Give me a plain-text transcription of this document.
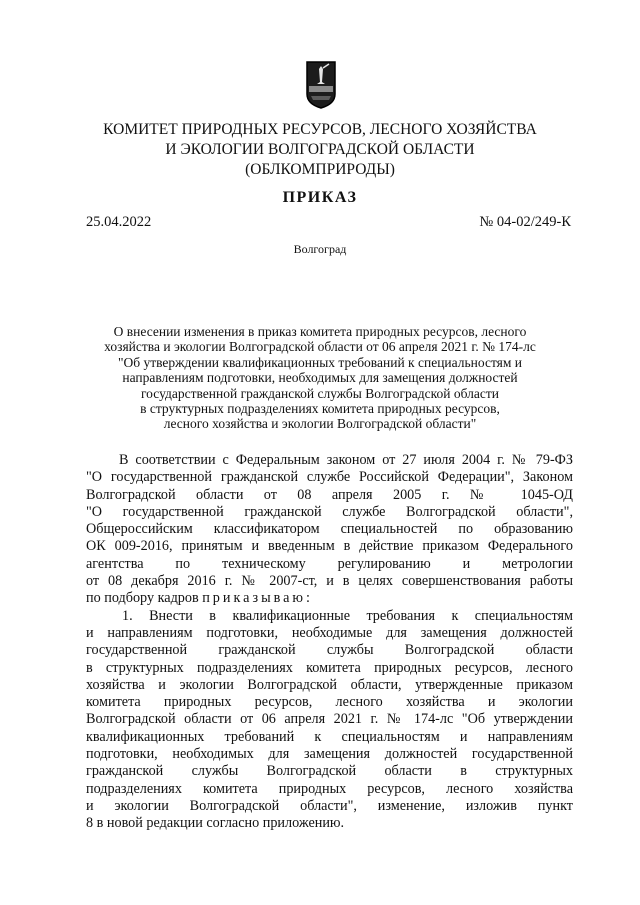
КОМИТЕТ ПРИРОДНЫХ РЕСУРСОВ, ЛЕСНОГО ХОЗЯЙСТВА
И ЭКОЛОГИИ ВОЛГОГРАДСКОЙ ОБЛАСТИ
(ОБЛКОМПРИРОДЫ)
ПРИКАЗ
25.04.2022	№ 04-02/249-К
Волгоград
О внесении изменения в приказ комитета природных ресурсов, лесного
хозяйства и экологии Волгоградской области от 06 апреля 2021 г. № 174-лс
"Об утверждении квалификационных требований к специальностям и
направлениям подготовки, необходимых для замещения должностей
государственной гражданской службы Волгоградской области
в структурных подразделениях комитета природных ресурсов,
лесного хозяйства и экологии Волгоградской области"
В соответствии с Федеральным законом от 27 июля 2004 г. № 79-ФЗ
"О государственной гражданской службе Российской Федерации", Законом
Волгоградской области от 08 апреля 2005 г. № 1045-ОД
"О государственной гражданской службе Волгоградской области",
Общероссийским классификатором специальностей по образованию
ОК 009-2016, принятым и введенным в действие приказом Федерального
агентства по техническому регулированию и метрологии
от 08 декабря 2016 г. № 2007-ст, и в целях совершенствования работы
по подбору кадров приказываю:
1. Внести в квалификационные требования к специальностям
и направлениям подготовки, необходимые для замещения должностей
государственной гражданской службы Волгоградской области
в структурных подразделениях комитета природных ресурсов, лесного
хозяйства и экологии Волгоградской области, утвержденные приказом
комитета природных ресурсов, лесного хозяйства и экологии
Волгоградской области от 06 апреля 2021 г. № 174-лс "Об утверждении
квалификационных требований к специальностям и направлениям
подготовки, необходимых для замещения должностей государственной
гражданской службы Волгоградской области в структурных
подразделениях комитета природных ресурсов, лесного хозяйства
и экологии Волгоградской области", изменение, изложив пункт
8 в новой редакции согласно приложению.
